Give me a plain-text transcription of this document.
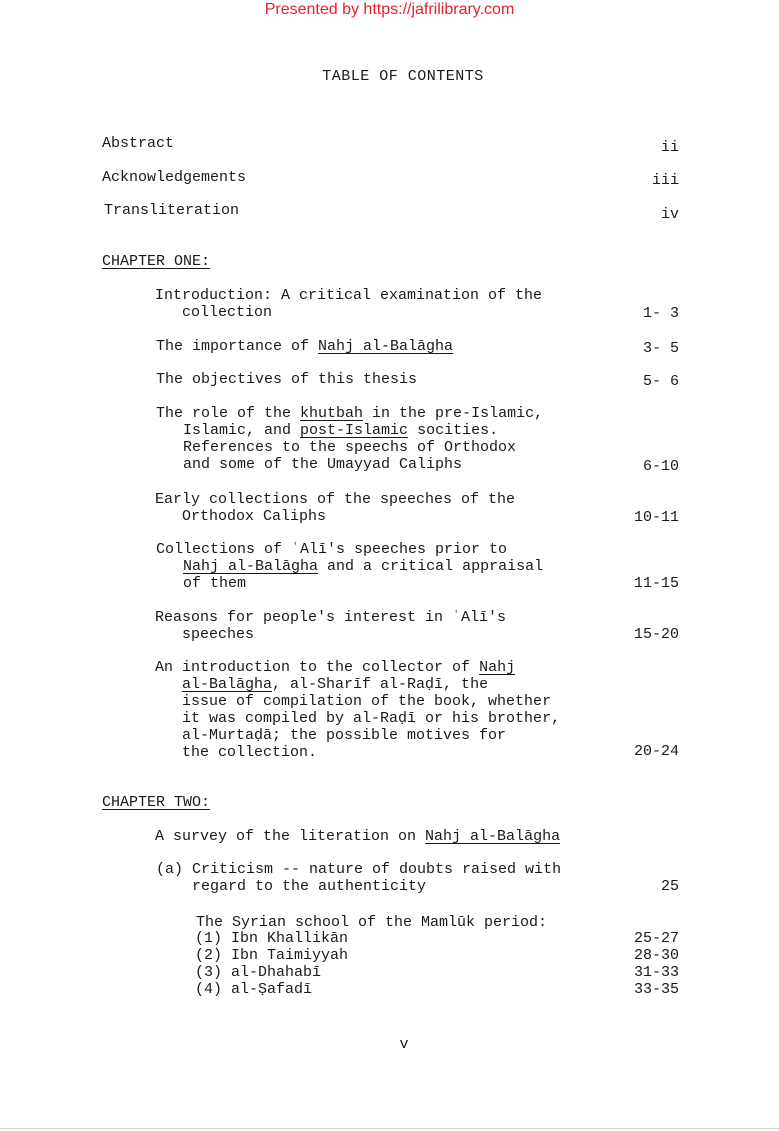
Presented by https://jafrilibrary.com
TABLE OF CONTENTS
Abstract	ii
Acknowledgements	iii
Transliteration	iv
CHAPTER ONE:
Introduction: A critical examination of the
collection	1- 3
The importance of Nahj al-Balāgha	3- 5
The objectives of this thesis	5- 6
The role of the khutbah in the pre-Islamic,
Islamic, and post-Islamic socities.
References to the speechs of Orthodox
and some of the Umayyad Caliphs	6-10
Early collections of the speeches of the
Orthodox Caliphs	10-11
Collections of ʿAlī's speeches prior to
Nahj al-Balāgha and a critical appraisal
of them	11-15
Reasons for people's interest in ʿAlī's
speeches	15-20
An introduction to the collector of Nahj
al-Balāgha, al-Sharīf al-Raḍī, the
issue of compilation of the book, whether
it was compiled by al-Raḍī or his brother,
al-Murtaḍā; the possible motives for
the collection.	20-24
CHAPTER TWO:
A survey of the literation on Nahj al-Balāgha
(a) Criticism -- nature of doubts raised with
regard to the authenticity	25
The Syrian school of the Mamlūk period:
(1) Ibn Khallikān	25-27
(2) Ibn Taimiyyah	28-30
(3) al-Dhahabī	31-33
(4) al-Ṣafadī	33-35
v
